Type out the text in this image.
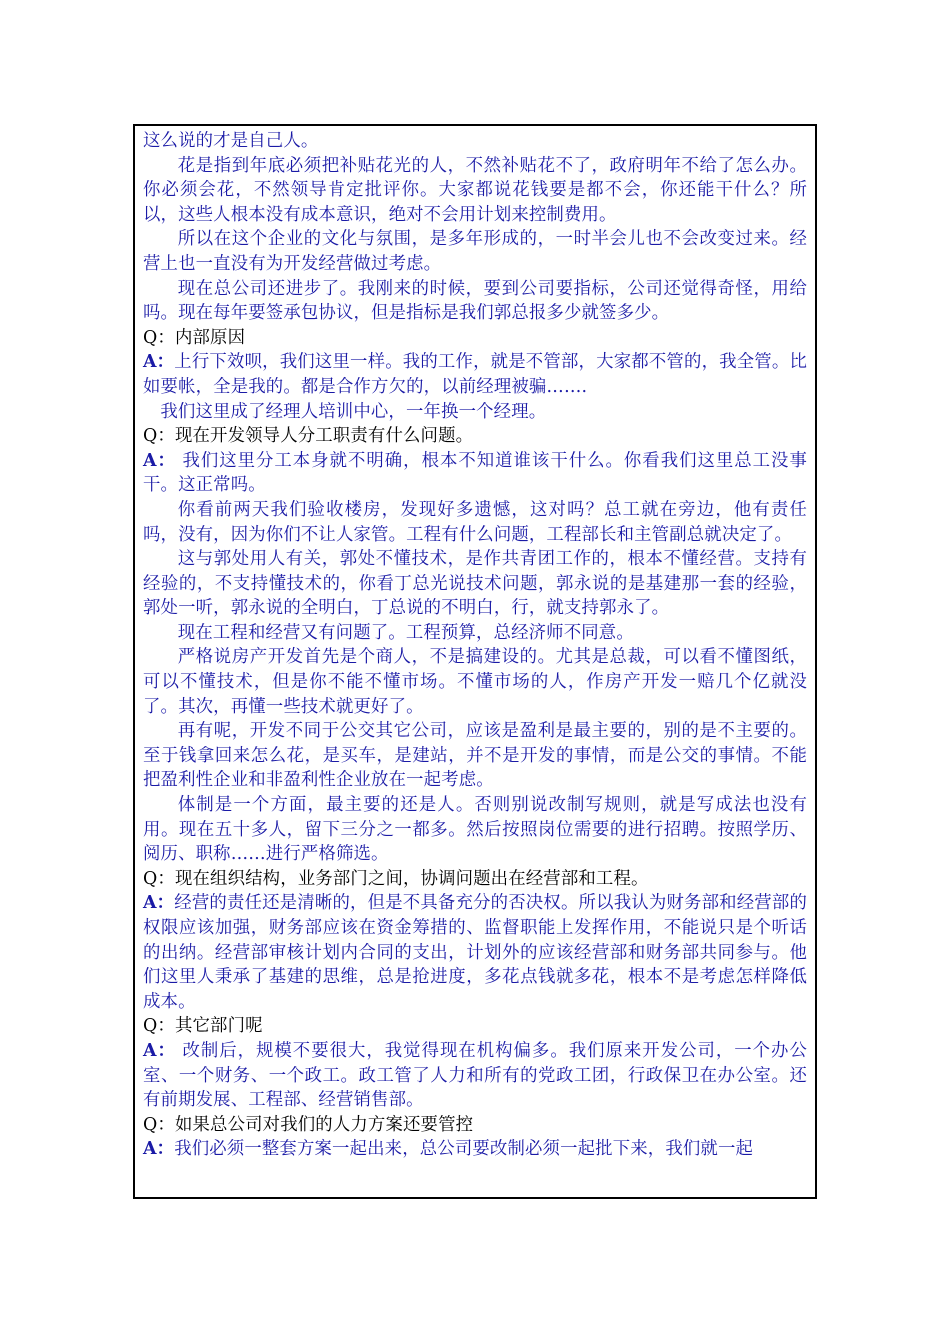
这么说的才是自己人。

花是指到年底必须把补贴花光的人，不然补贴花不了，政府明年不给了怎么办。你必须会花，不然领导肯定批评你。大家都说花钱要是都不会，你还能干什么？所以，这些人根本没有成本意识，绝对不会用计划来控制费用。

所以在这个企业的文化与氛围，是多年形成的，一时半会儿也不会改变过来。经营上也一直没有为开发经营做过考虑。

现在总公司还进步了。我刚来的时候，要到公司要指标，公司还觉得奇怪，用给吗。现在每年要签承包协议，但是指标是我们郭总报多少就签多少。

Q：内部原因

A：上行下效呗，我们这里一样。我的工作，就是不管部，大家都不管的，我全管。比如要帐，全是我的。都是合作方欠的，以前经理被骗…….

我们这里成了经理人培训中心，一年换一个经理。

Q：现在开发领导人分工职责有什么问题。

A： 我们这里分工本身就不明确，根本不知道谁该干什么。你看我们这里总工没事干。这正常吗。

你看前两天我们验收楼房，发现好多遗憾，这对吗？总工就在旁边，他有责任吗，没有，因为你们不让人家管。工程有什么问题，工程部长和主管副总就决定了。

这与郭处用人有关，郭处不懂技术，是作共青团工作的，根本不懂经营。支持有经验的，不支持懂技术的，你看丁总光说技术问题，郭永说的是基建那一套的经验，郭处一听，郭永说的全明白，丁总说的不明白，行，就支持郭永了。

现在工程和经营又有问题了。工程预算，总经济师不同意。

严格说房产开发首先是个商人，不是搞建设的。尤其是总裁，可以看不懂图纸，可以不懂技术，但是你不能不懂市场。不懂市场的人，作房产开发一赔几个亿就没了。其次，再懂一些技术就更好了。

再有呢，开发不同于公交其它公司，应该是盈利是最主要的，别的是不主要的。至于钱拿回来怎么花，是买车，是建站，并不是开发的事情，而是公交的事情。不能把盈利性企业和非盈利性企业放在一起考虑。

体制是一个方面，最主要的还是人。否则别说改制写规则，就是写成法也没有用。现在五十多人，留下三分之一都多。然后按照岗位需要的进行招聘。按照学历、阅历、职称……进行严格筛选。

Q：现在组织结构，业务部门之间，协调问题出在经营部和工程。

A：经营的责任还是清晰的，但是不具备充分的否决权。所以我认为财务部和经营部的权限应该加强，财务部应该在资金筹措的、监督职能上发挥作用，不能说只是个听话的出纳。经营部审核计划内合同的支出，计划外的应该经营部和财务部共同参与。他们这里人秉承了基建的思维，总是抢进度，多花点钱就多花，根本不是考虑怎样降低成本。

Q：其它部门呢

A： 改制后，规模不要很大，我觉得现在机构偏多。我们原来开发公司，一个办公室、一个财务、一个政工。政工管了人力和所有的党政工团，行政保卫在办公室。还有前期发展、工程部、经营销售部。

Q：如果总公司对我们的人力方案还要管控

A：我们必须一整套方案一起出来，总公司要改制必须一起批下来，我们就一起
